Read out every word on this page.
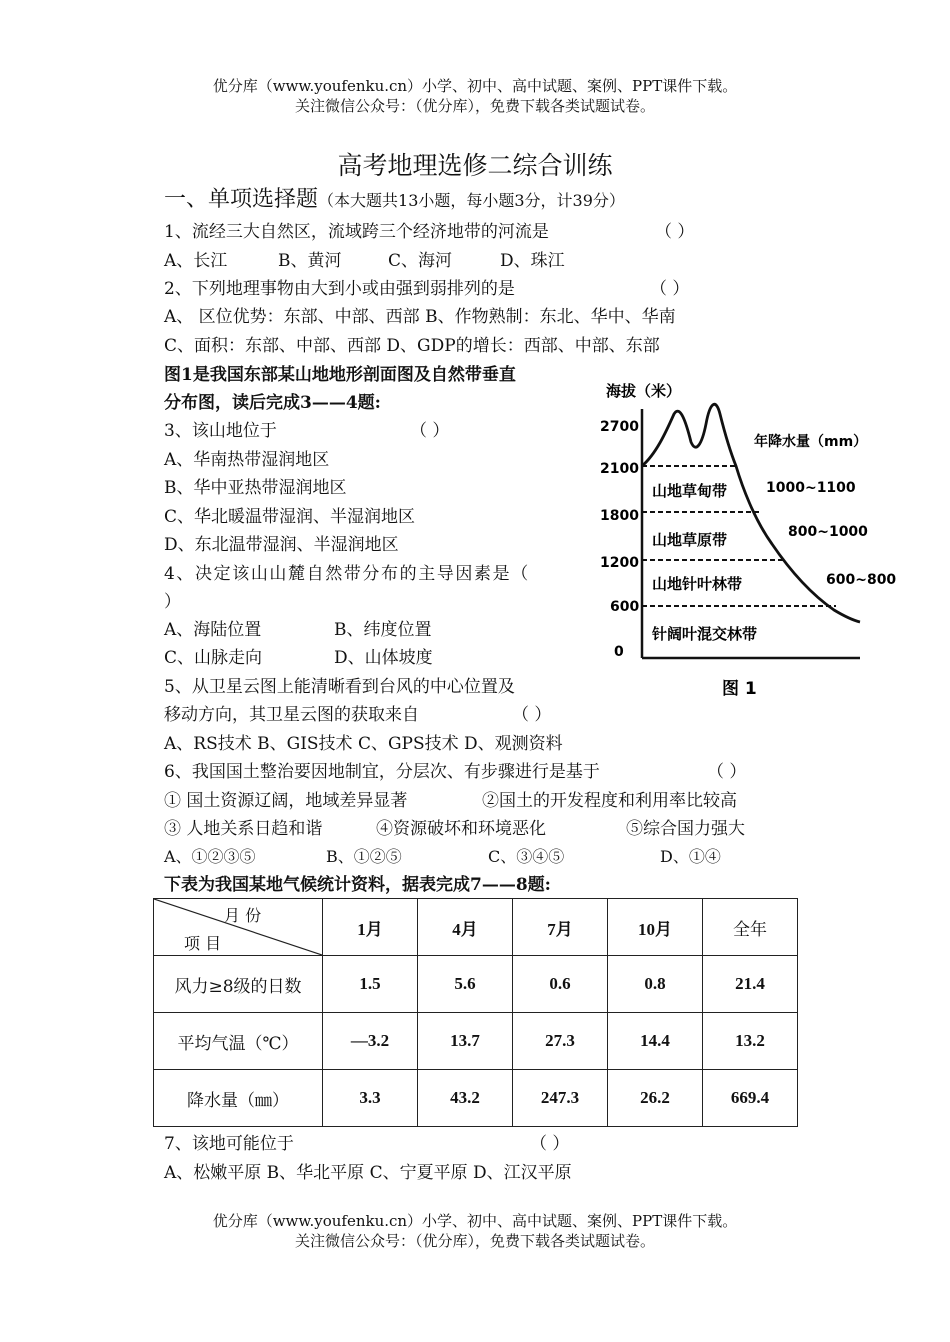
优分库（www.youfenku.cn）小学、初中、高中试题、案例、PPT课件下载。
关注微信公众号：（优分库），免费下载各类试题试卷。
高考地理选修二综合训练
一、单项选择题（本大题共13小题，每小题3分，计39分）
1、流经三大自然区，流域跨三个经济地带的河流是	（ ）
A、长江	B、黄河	C、海河	D、珠江
2、下列地理事物由大到小或由强到弱排列的是	（ ）
A、 区位优势：东部、中部、西部 B、作物熟制：东北、华中、华南
C、面积：东部、中部、西部 D、GDP的增长：西部、中部、东部
图1是我国东部某山地地形剖面图及自然带垂直
分布图，读后完成3——4题:
3、该山地位于	（ ）
A、华南热带湿润地区
B、华中亚热带湿润地区
C、华北暖温带湿润、半湿润地区
D、东北温带湿润、半湿润地区
4、决定该山山麓自然带分布的主导因素是（
）
A、海陆位置	B、纬度位置
C、山脉走向	D、山体坡度
5、从卫星云图上能清晰看到台风的中心位置及
移动方向，其卫星云图的获取来自	（ ）
A、RS技术 B、GIS技术 C、GPS技术 D、观测资料
6、我国国土整治要因地制宜，分层次、有步骤进行是基于	（ ）
① 国土资源辽阔，地域差异显著	②国土的开发程度和利用率比较高
③ 人地关系日趋和谐	④资源破坏和环境恶化	⑤综合国力强大
A、①②③⑤	B、①②⑤	C、③④⑤	D、①④
海拔（米）
2700
2100
1800
1200
600
0
山地草甸带
山地草原带
山地针叶林带
针阔叶混交林带
年降水量（mm）
1000~1100
800~1000
600~800
图 1
下表为我国某地气候统计资料，据表完成7——8题:
月 份
项 目	1月	4月	7月	10月	全年
风力≥8级的日数	1.5	5.6	0.6	0.8	21.4
平均气温（℃）	—3.2	13.7	27.3	14.4	13.2
降水量（㎜）	3.3	43.2	247.3	26.2	669.4
7、该地可能位于	（ ）
A、松嫩平原 B、华北平原 C、宁夏平原 D、江汉平原
优分库（www.youfenku.cn）小学、初中、高中试题、案例、PPT课件下载。
关注微信公众号：（优分库），免费下载各类试题试卷。
